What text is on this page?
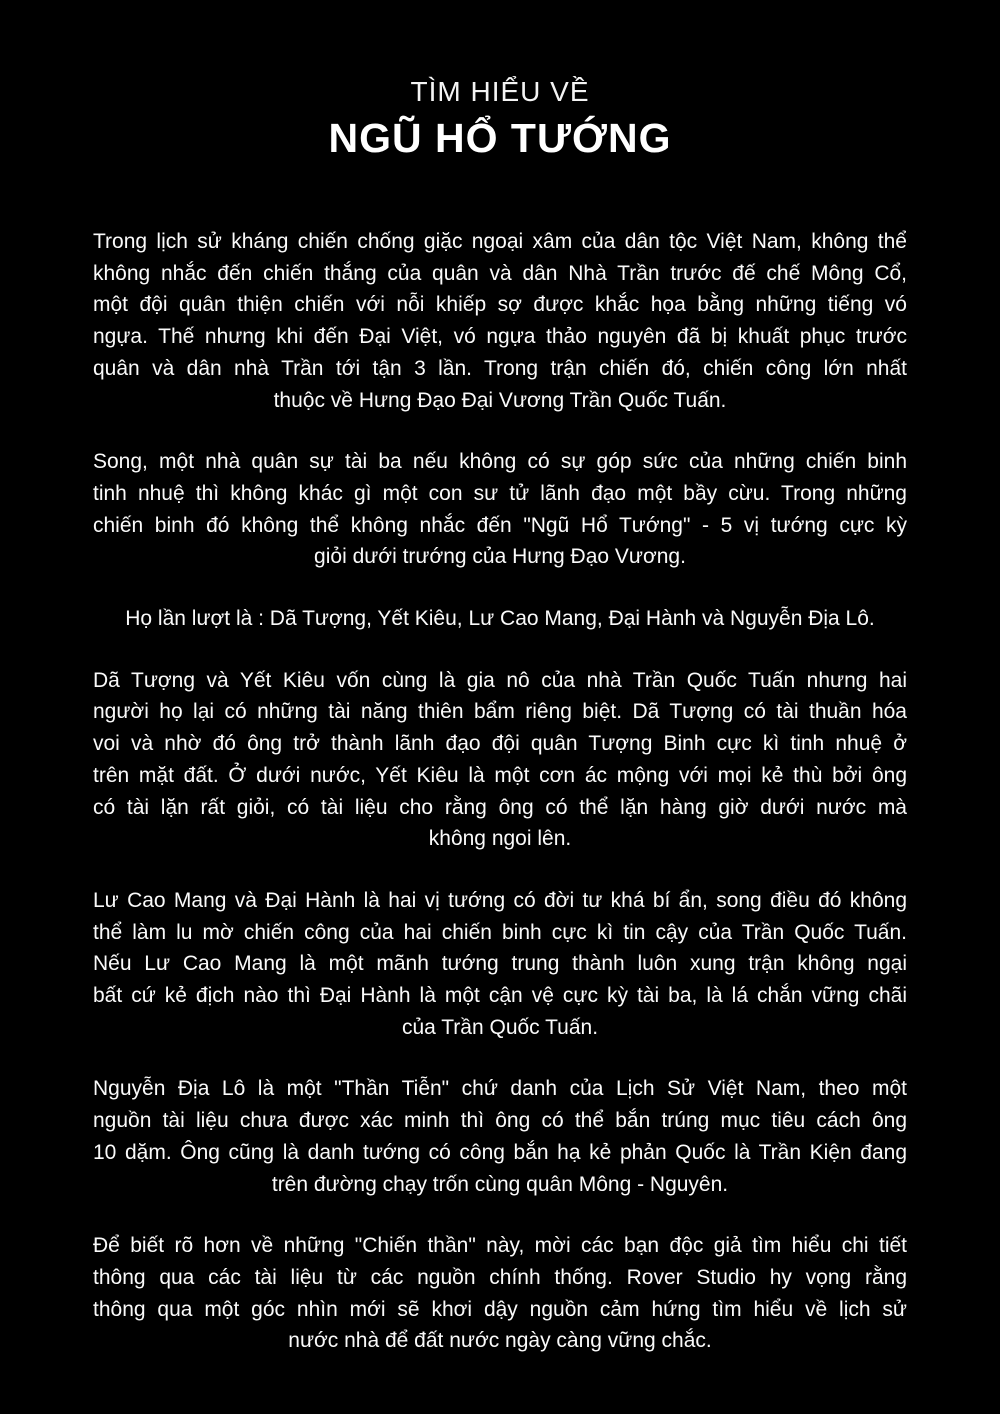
TÌM HIỂU VỀ
NGŨ HỔ TƯỚNG

Trong lịch sử kháng chiến chống giặc ngoại xâm của dân tộc Việt Nam, không thể
không nhắc đến chiến thắng của quân và dân Nhà Trần trước đế chế Mông Cổ,
một đội quân thiện chiến với nỗi khiếp sợ được khắc họa bằng những tiếng vó
ngựa. Thế nhưng khi đến Đại Việt, vó ngựa thảo nguyên đã bị khuất phục trước
quân và dân nhà Trần tới tận 3 lần. Trong trận chiến đó, chiến công lớn nhất
thuộc về Hưng Đạo Đại Vương Trần Quốc Tuấn.

Song, một nhà quân sự tài ba nếu không có sự góp sức của những chiến binh
tinh nhuệ thì không khác gì một con sư tử lãnh đạo một bầy cừu. Trong những
chiến binh đó không thể không nhắc đến "Ngũ Hổ Tướng" - 5 vị tướng cực kỳ
giỏi dưới trướng của Hưng Đạo Vương.

Họ lần lượt là : Dã Tượng, Yết Kiêu, Lư Cao Mang, Đại Hành và Nguyễn Địa Lô.

Dã Tượng và Yết Kiêu vốn cùng là gia nô của nhà Trần Quốc Tuấn nhưng hai
người họ lại có những tài năng thiên bẩm riêng biệt. Dã Tượng có tài thuần hóa
voi và nhờ đó ông trở thành lãnh đạo đội quân Tượng Binh cực kì tinh nhuệ ở
trên mặt đất. Ở dưới nước, Yết Kiêu là một cơn ác mộng với mọi kẻ thù bởi ông
có tài lặn rất giỏi, có tài liệu cho rằng ông có thể lặn hàng giờ dưới nước mà
không ngoi lên.

Lư Cao Mang và Đại Hành là hai vị tướng có đời tư khá bí ẩn, song điều đó không
thể làm lu mờ chiến công của hai chiến binh cực kì tin cậy của Trần Quốc Tuấn.
Nếu Lư Cao Mang là một mãnh tướng trung thành luôn xung trận không ngại
bất cứ kẻ địch nào thì Đại Hành là một cận vệ cực kỳ tài ba, là lá chắn vững chãi
của Trần Quốc Tuấn.

Nguyễn Địa Lô là một "Thần Tiễn" chứ danh của Lịch Sử Việt Nam, theo một
nguồn tài liệu chưa được xác minh thì ông có thể bắn trúng mục tiêu cách ông
10 dặm. Ông cũng là danh tướng có công bắn hạ kẻ phản Quốc là Trần Kiện đang
trên đường chạy trốn cùng quân Mông - Nguyên.

Để biết rõ hơn về những "Chiến thần" này, mời các bạn độc giả tìm hiểu chi tiết
thông qua các tài liệu từ các nguồn chính thống. Rover Studio hy vọng rằng
thông qua một góc nhìn mới sẽ khơi dậy nguồn cảm hứng tìm hiểu về lịch sử
nước nhà để đất nước ngày càng vững chắc.
